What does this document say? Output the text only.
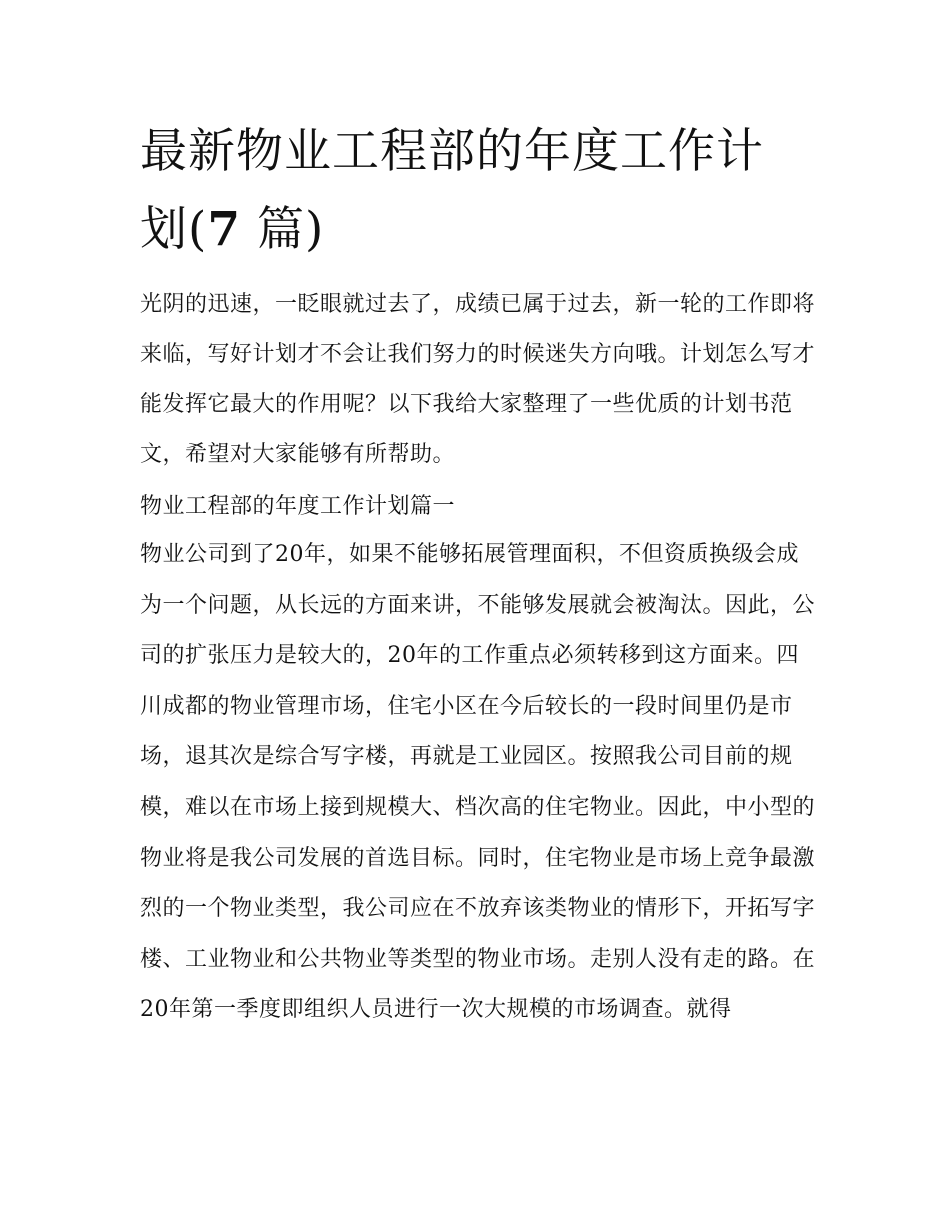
最新物业工程部的年度工作计
划(7 篇)

光阴的迅速，一眨眼就过去了，成绩已属于过去，新一轮的工作即将来临，写好计划才不会让我们努力的时候迷失方向哦。计划怎么写才能发挥它最大的作用呢？以下我给大家整理了一些优质的计划书范文，希望对大家能够有所帮助。

物业工程部的年度工作计划篇一

物业公司到了20年，如果不能够拓展管理面积，不但资质换级会成为一个问题，从长远的方面来讲，不能够发展就会被淘汰。因此，公司的扩张压力是较大的，20年的工作重点必须转移到这方面来。四川成都的物业管理市场，住宅小区在今后较长的一段时间里仍是市场，退其次是综合写字楼，再就是工业园区。按照我公司目前的规模，难以在市场上接到规模大、档次高的住宅物业。因此，中小型的物业将是我公司发展的首选目标。同时，住宅物业是市场上竞争最激烈的一个物业类型，我公司应在不放弃该类物业的情形下，开拓写字楼、工业物业和公共物业等类型的物业市场。走别人没有走的路。在20年第一季度即组织人员进行一次大规模的市场调查。就得
